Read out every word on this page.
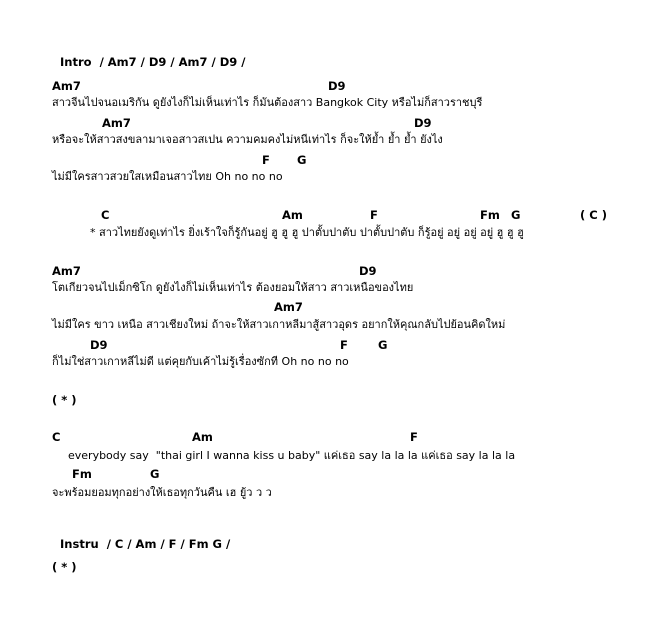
Intro / Am7 / D9 / Am7 / D9 /

Am7	D9
สาวจีนไปจนอเมริกัน ดูยังไงก็ไม่เห็นเท่าไร ก็มันต้องสาว Bangkok City หรือไม่ก็สาวราชบุรี
Am7	D9
หรือจะให้สาวสงขลามาเจอสาวสเปน ความคมคงไม่หนีเท่าไร ก็จะให้ย้ำ ย้ำ ย้ำ ยังไง
F G
ไม่มีใครสาวสวยใสเหมือนสาวไทย Oh no no no
C	Am	F	Fm G	( C )
* สาวไทยยังดูเท่าไร ยิ่งเร้าใจก็รู้กันอยู่ ฮู ฮู ฮู ปาตั้บปาตับ ปาตั้บปาตับ ก็รู้อยู่ อยู่ อยู่ อยู่ ฮู ฮู ฮู
Am7	D9
โตเกียวจนไปเม็กซิโก ดูยังไงก็ไม่เห็นเท่าไร ต้องยอมให้สาว สาวเหนือของไทย
Am7
ไม่มีใคร ขาว เหนือ สาวเชียงใหม่ ถ้าจะให้สาวเกาหลีมาสู้สาวอุดร อยากให้คุณกลับไปย้อนคิดใหม่
D9	F	G
ก็ไม่ใช่สาวเกาหลีไม่ดี แต่คุยกับเค้าไม่รู้เรื่องซักที Oh no no no
( * )
C	Am	F
everybody say  "thai girl I wanna kiss u baby" แค่เธอ say la la la แค่เธอ say la la la
Fm	G
จะพร้อมยอมทุกอย่างให้เธอทุกวันคืน เฮ ยู้ว ว ว

Instru / C / Am / F / Fm G /

( * )
